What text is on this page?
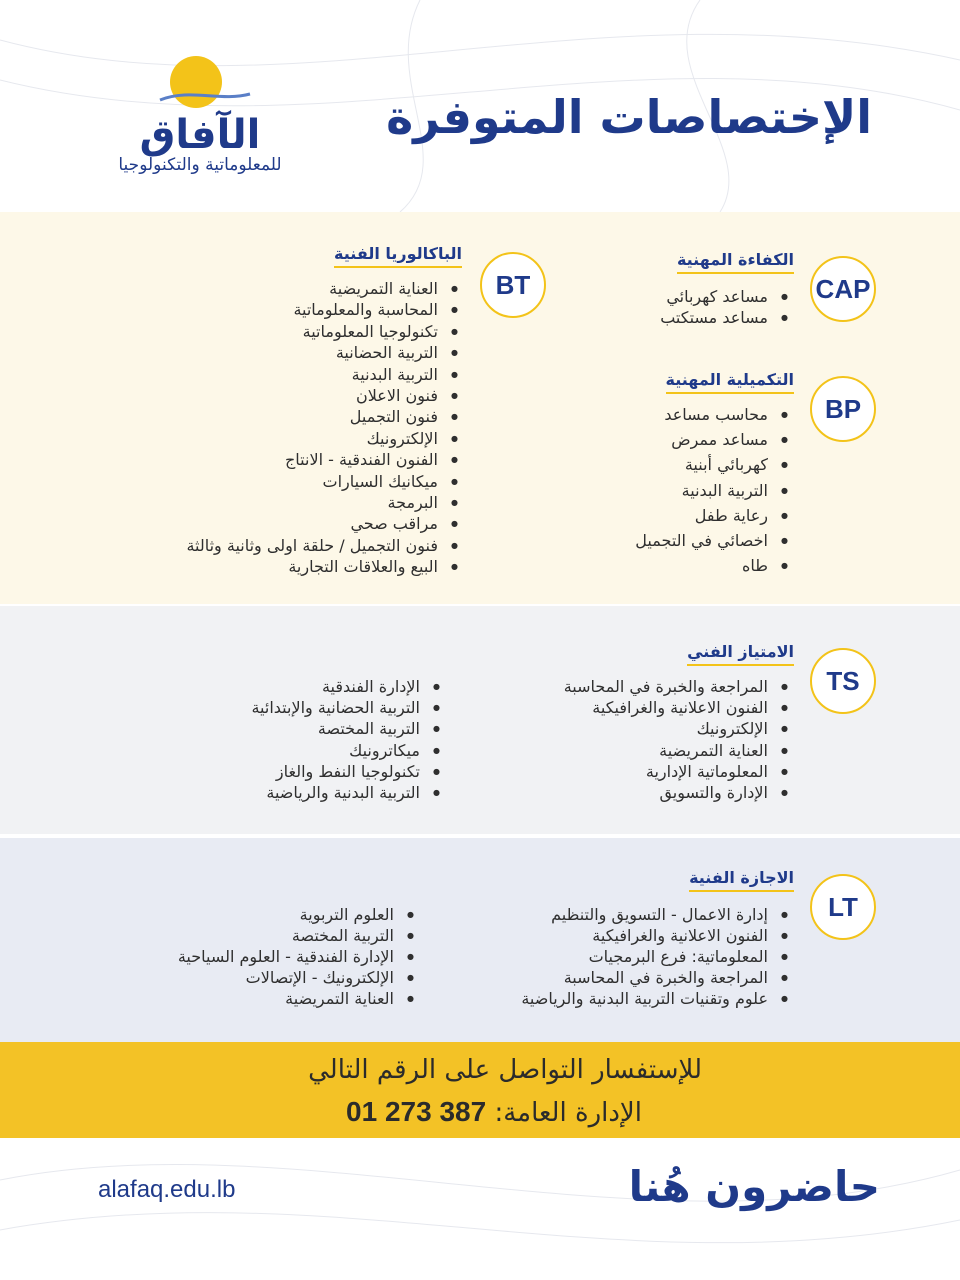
الآفاق
للمعلوماتية والتكنولوجيا
الإختصاصات المتوفرة
CAP
الكفاءة المهنية
● مساعد كهربائي
● مساعد مستكتب
BP
التكميلية المهنية
● محاسب مساعد
● مساعد ممرض
● كهربائي أبنية
● التربية البدنية
● رعاية طفل
● اخصائي في التجميل
● طاه
BT
الباكالوريا الفنية
● العناية التمريضية
● المحاسبة والمعلوماتية
● تكنولوجيا المعلوماتية
● التربية الحضانية
● التربية البدنية
● فنون الاعلان
● فنون التجميل
● الإلكترونيك
● الفنون الفندقية - الانتاج
● ميكانيك السيارات
● البرمجة
● مراقب صحي
● فنون التجميل / حلقة اولى وثانية وثالثة
● البيع والعلاقات التجارية
TS
الامتياز الفني
● المراجعة والخبرة في المحاسبة
● الفنون الاعلانية والغرافيكية
● الإلكترونيك
● العناية التمريضية
● المعلوماتية الإدارية
● الإدارة والتسويق
● الإدارة الفندقية
● التربية الحضانية والإبتدائية
● التربية المختصة
● ميكاترونيك
● تكنولوجيا النفط والغاز
● التربية البدنية والرياضية
LT
الاجازة الفنية
● إدارة الاعمال - التسويق والتنظيم
● الفنون الاعلانية والغرافيكية
● المعلوماتية: فرع البرمجيات
● المراجعة والخبرة في المحاسبة
● علوم وتقنيات التربية البدنية والرياضية
● العلوم التربوية
● التربية المختصة
● الإدارة الفندقية - العلوم السياحية
● الإلكترونيك - الإتصالات
● العناية التمريضية
للإستفسار التواصل على الرقم التالي
الإدارة العامة: 01 273 387
alafaq.edu.lb	حاضرون هُنا
